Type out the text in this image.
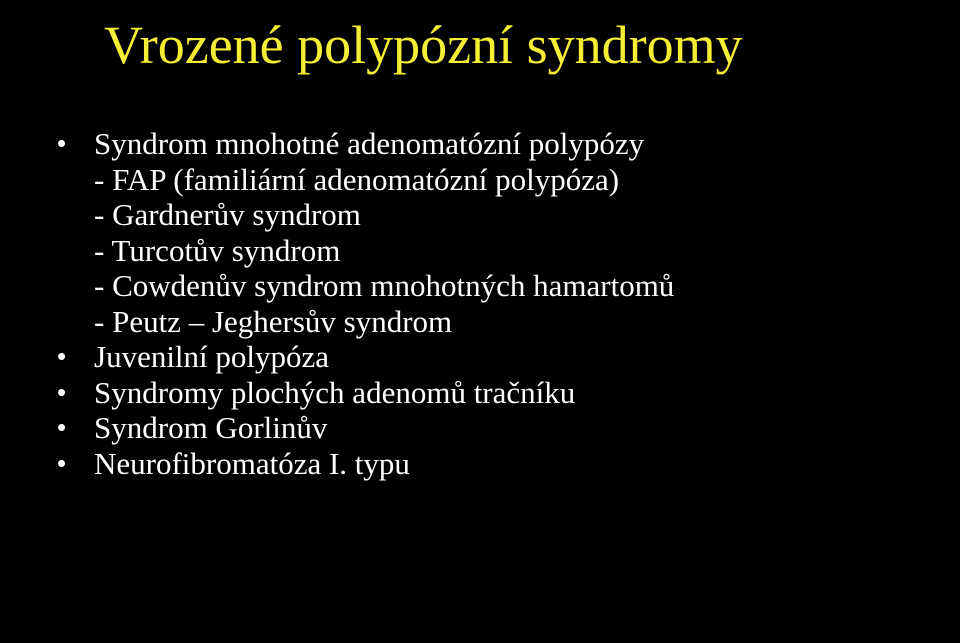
Vrozené polypózní syndromy
• Syndrom mnohotné adenomatózní polypózy
- FAP (familiární adenomatózní polypóza)
- Gardnerův syndrom
- Turcotův syndrom
- Cowdenův syndrom mnohotných hamartomů
- Peutz – Jeghersův syndrom
• Juvenilní polypóza
• Syndromy plochých adenomů tračníku
• Syndrom Gorlinův
• Neurofibromatóza I. typu
